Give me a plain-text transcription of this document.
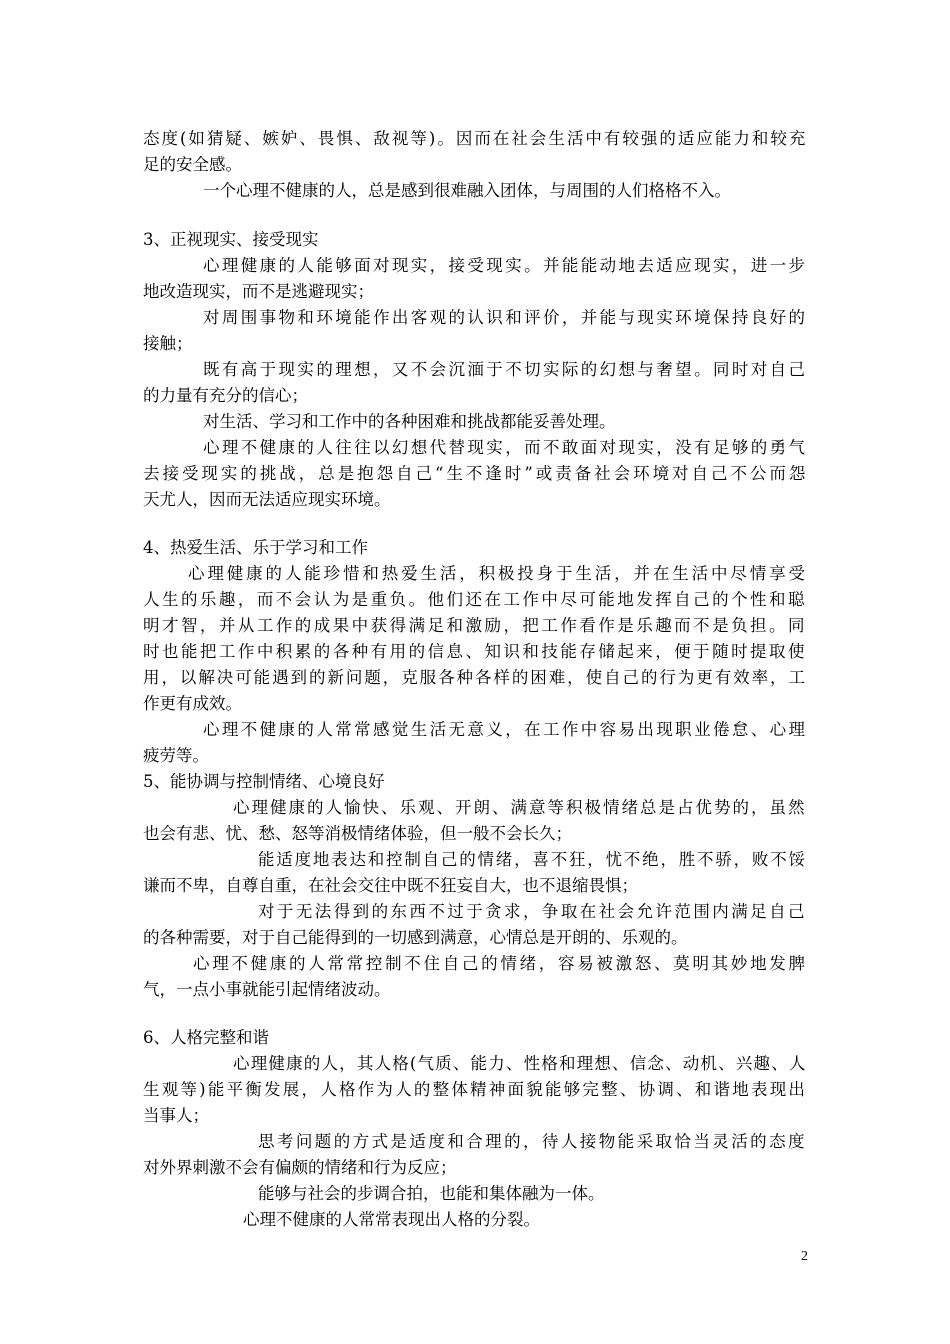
态度(如猜疑、嫉妒、畏惧、敌视等)。因而在社会生活中有较强的适应能力和较充
足的安全感。
一个心理不健康的人，总是感到很难融入团体，与周围的人们格格不入。
3、正视现实、接受现实
心理健康的人能够面对现实，接受现实。并能能动地去适应现实，进一步
地改造现实，而不是逃避现实；
对周围事物和环境能作出客观的认识和评价，并能与现实环境保持良好的
接触；
既有高于现实的理想，又不会沉湎于不切实际的幻想与奢望。同时对自己
的力量有充分的信心；
对生活、学习和工作中的各种困难和挑战都能妥善处理。
心理不健康的人往往以幻想代替现实，而不敢面对现实，没有足够的勇气
去接受现实的挑战，总是抱怨自己“生不逢时”或责备社会环境对自己不公而怨
天尤人，因而无法适应现实环境。
4、热爱生活、乐于学习和工作
心理健康的人能珍惜和热爱生活，积极投身于生活，并在生活中尽情享受
人生的乐趣，而不会认为是重负。他们还在工作中尽可能地发挥自己的个性和聪
明才智，并从工作的成果中获得满足和激励，把工作看作是乐趣而不是负担。同
时也能把工作中积累的各种有用的信息、知识和技能存储起来，便于随时提取使
用，以解决可能遇到的新问题，克服各种各样的困难，使自己的行为更有效率，工
作更有成效。
心理不健康的人常常感觉生活无意义，在工作中容易出现职业倦怠、心理
疲劳等。
5、能协调与控制情绪、心境良好
心理健康的人愉快、乐观、开朗、满意等积极情绪总是占优势的，虽然
也会有悲、忧、愁、怒等消极情绪体验，但一般不会长久；
能适度地表达和控制自己的情绪，喜不狂，忧不绝，胜不骄，败不馁
谦而不卑，自尊自重，在社会交往中既不狂妄自大，也不退缩畏惧；
对于无法得到的东西不过于贪求，争取在社会允许范围内满足自己
的各种需要，对于自己能得到的一切感到满意，心情总是开朗的、乐观的。
心理不健康的人常常控制不住自己的情绪，容易被激怒、莫明其妙地发脾
气，一点小事就能引起情绪波动。
6、人格完整和谐
心理健康的人，其人格(气质、能力、性格和理想、信念、动机、兴趣、人
生观等)能平衡发展，人格作为人的整体精神面貌能够完整、协调、和谐地表现出
当事人；
思考问题的方式是适度和合理的，待人接物能采取恰当灵活的态度
对外界刺激不会有偏颇的情绪和行为反应；
能够与社会的步调合拍，也能和集体融为一体。
心理不健康的人常常表现出人格的分裂。
2
